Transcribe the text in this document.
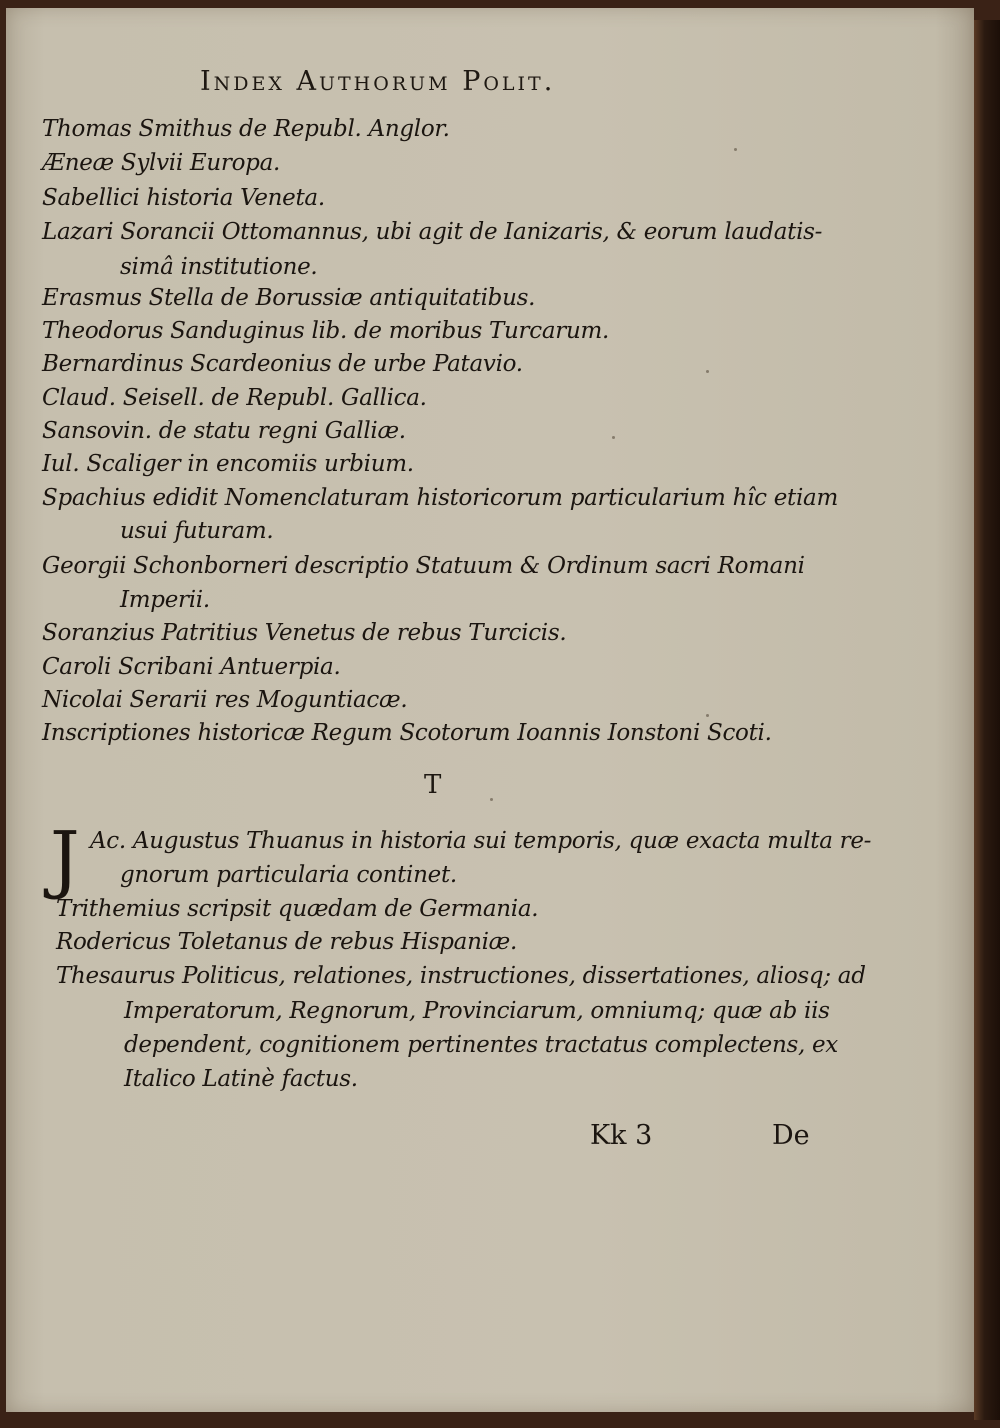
Index Authorum Polit.
Thomas Smithus de Republ. Anglor.
Æneæ Sylvii Europa.
Sabellici historia Veneta.
Lazari Sorancii Ottomannus, ubi agit de Ianizaris, & eorum laudatis-
simâ institutione.
Erasmus Stella de Borussiæ antiquitatibus.
Theodorus Sanduginus lib. de moribus Turcarum.
Bernardinus Scardeonius de urbe Patavio.
Claud. Seisell. de Republ. Gallica.
Sansovin. de statu regni Galliæ.
Iul. Scaliger in encomiis urbium.
Spachius edidit Nomenclaturam historicorum particularium hîc etiam
usui futuram.
Georgii Schonborneri descriptio Statuum & Ordinum sacri Romani
Imperii.
Soranzius Patritius Venetus de rebus Turcicis.
Caroli Scribani Antuerpia.
Nicolai Serarii res Moguntiacæ.
Inscriptiones historicæ Regum Scotorum Ioannis Ionstoni Scoti.
T
J Ac. Augustus Thuanus in historia sui temporis, quæ exacta multa re-
gnorum particularia continet.
Trithemius scripsit quædam de Germania.
Rodericus Toletanus de rebus Hispaniæ.
Thesaurus Politicus, relationes, instructiones, dissertationes, aliosq; ad
Imperatorum, Regnorum, Provinciarum, omniumq; quæ ab iis
dependent, cognitionem pertinentes tractatus complectens, ex
Italico Latinè factus.
Kk 3	De
